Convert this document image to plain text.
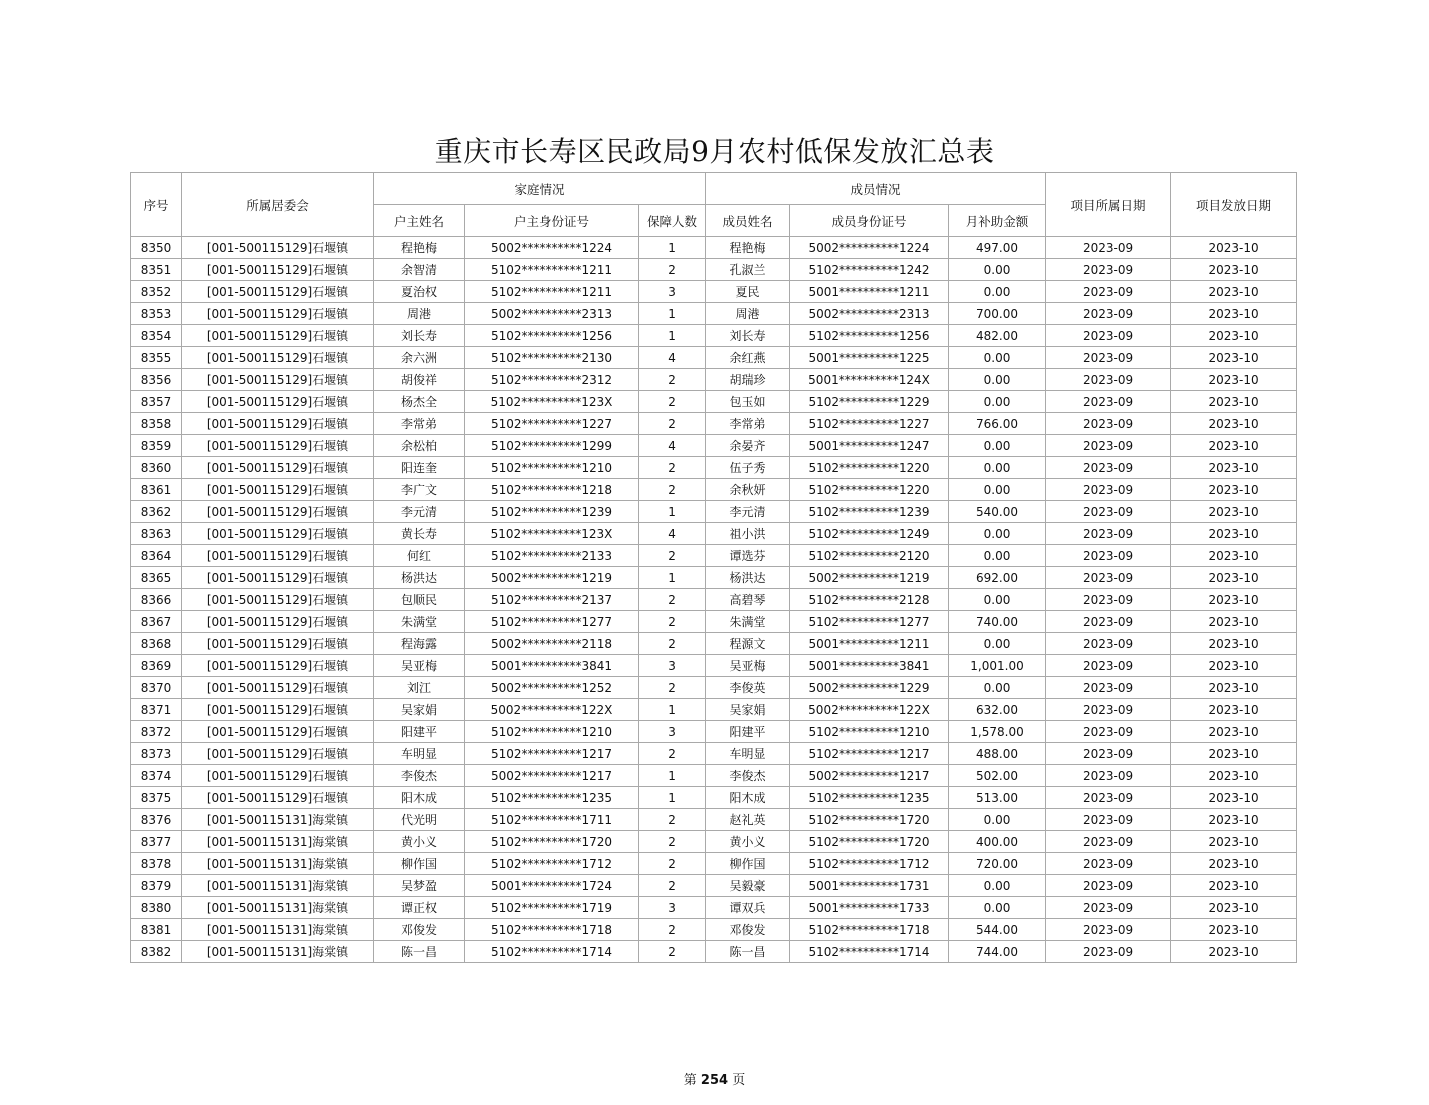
重庆市长寿区民政局9月农村低保发放汇总表
序号	所属居委会	家庭情况			成员情况			项目所属日期	项目发放日期
		户主姓名	户主身份证号	保障人数	成员姓名	成员身份证号	月补助金额		
8350	[001-500115129]石堰镇	程艳梅	5002**********1224	1	程艳梅	5002**********1224	497.00	2023-09	2023-10
8351	[001-500115129]石堰镇	余智清	5102**********1211	2	孔淑兰	5102**********1242	0.00	2023-09	2023-10
8352	[001-500115129]石堰镇	夏治权	5102**********1211	3	夏民	5001**********1211	0.00	2023-09	2023-10
8353	[001-500115129]石堰镇	周港	5002**********2313	1	周港	5002**********2313	700.00	2023-09	2023-10
8354	[001-500115129]石堰镇	刘长寿	5102**********1256	1	刘长寿	5102**********1256	482.00	2023-09	2023-10
8355	[001-500115129]石堰镇	余六洲	5102**********2130	4	余红燕	5001**********1225	0.00	2023-09	2023-10
8356	[001-500115129]石堰镇	胡俊祥	5102**********2312	2	胡瑞珍	5001**********124X	0.00	2023-09	2023-10
8357	[001-500115129]石堰镇	杨杰全	5102**********123X	2	包玉如	5102**********1229	0.00	2023-09	2023-10
8358	[001-500115129]石堰镇	李常弟	5102**********1227	2	李常弟	5102**********1227	766.00	2023-09	2023-10
8359	[001-500115129]石堰镇	余松柏	5102**********1299	4	余晏齐	5001**********1247	0.00	2023-09	2023-10
8360	[001-500115129]石堰镇	阳连奎	5102**********1210	2	伍子秀	5102**********1220	0.00	2023-09	2023-10
8361	[001-500115129]石堰镇	李广文	5102**********1218	2	余秋妍	5102**********1220	0.00	2023-09	2023-10
8362	[001-500115129]石堰镇	李元清	5102**********1239	1	李元清	5102**********1239	540.00	2023-09	2023-10
8363	[001-500115129]石堰镇	黄长寿	5102**********123X	4	祖小洪	5102**********1249	0.00	2023-09	2023-10
8364	[001-500115129]石堰镇	何红	5102**********2133	2	谭选芬	5102**********2120	0.00	2023-09	2023-10
8365	[001-500115129]石堰镇	杨洪达	5002**********1219	1	杨洪达	5002**********1219	692.00	2023-09	2023-10
8366	[001-500115129]石堰镇	包顺民	5102**********2137	2	高碧琴	5102**********2128	0.00	2023-09	2023-10
8367	[001-500115129]石堰镇	朱满堂	5102**********1277	2	朱满堂	5102**********1277	740.00	2023-09	2023-10
8368	[001-500115129]石堰镇	程海露	5002**********2118	2	程源文	5001**********1211	0.00	2023-09	2023-10
8369	[001-500115129]石堰镇	吴亚梅	5001**********3841	3	吴亚梅	5001**********3841	1,001.00	2023-09	2023-10
8370	[001-500115129]石堰镇	刘江	5002**********1252	2	李俊英	5002**********1229	0.00	2023-09	2023-10
8371	[001-500115129]石堰镇	吴家娟	5002**********122X	1	吴家娟	5002**********122X	632.00	2023-09	2023-10
8372	[001-500115129]石堰镇	阳建平	5102**********1210	3	阳建平	5102**********1210	1,578.00	2023-09	2023-10
8373	[001-500115129]石堰镇	车明显	5102**********1217	2	车明显	5102**********1217	488.00	2023-09	2023-10
8374	[001-500115129]石堰镇	李俊杰	5002**********1217	1	李俊杰	5002**********1217	502.00	2023-09	2023-10
8375	[001-500115129]石堰镇	阳木成	5102**********1235	1	阳木成	5102**********1235	513.00	2023-09	2023-10
8376	[001-500115131]海棠镇	代光明	5102**********1711	2	赵礼英	5102**********1720	0.00	2023-09	2023-10
8377	[001-500115131]海棠镇	黄小义	5102**********1720	2	黄小义	5102**********1720	400.00	2023-09	2023-10
8378	[001-500115131]海棠镇	柳作国	5102**********1712	2	柳作国	5102**********1712	720.00	2023-09	2023-10
8379	[001-500115131]海棠镇	吴梦盈	5001**********1724	2	吴毅豪	5001**********1731	0.00	2023-09	2023-10
8380	[001-500115131]海棠镇	谭正权	5102**********1719	3	谭双兵	5001**********1733	0.00	2023-09	2023-10
8381	[001-500115131]海棠镇	邓俊发	5102**********1718	2	邓俊发	5102**********1718	544.00	2023-09	2023-10
8382	[001-500115131]海棠镇	陈一昌	5102**********1714	2	陈一昌	5102**********1714	744.00	2023-09	2023-10
第 254 页
